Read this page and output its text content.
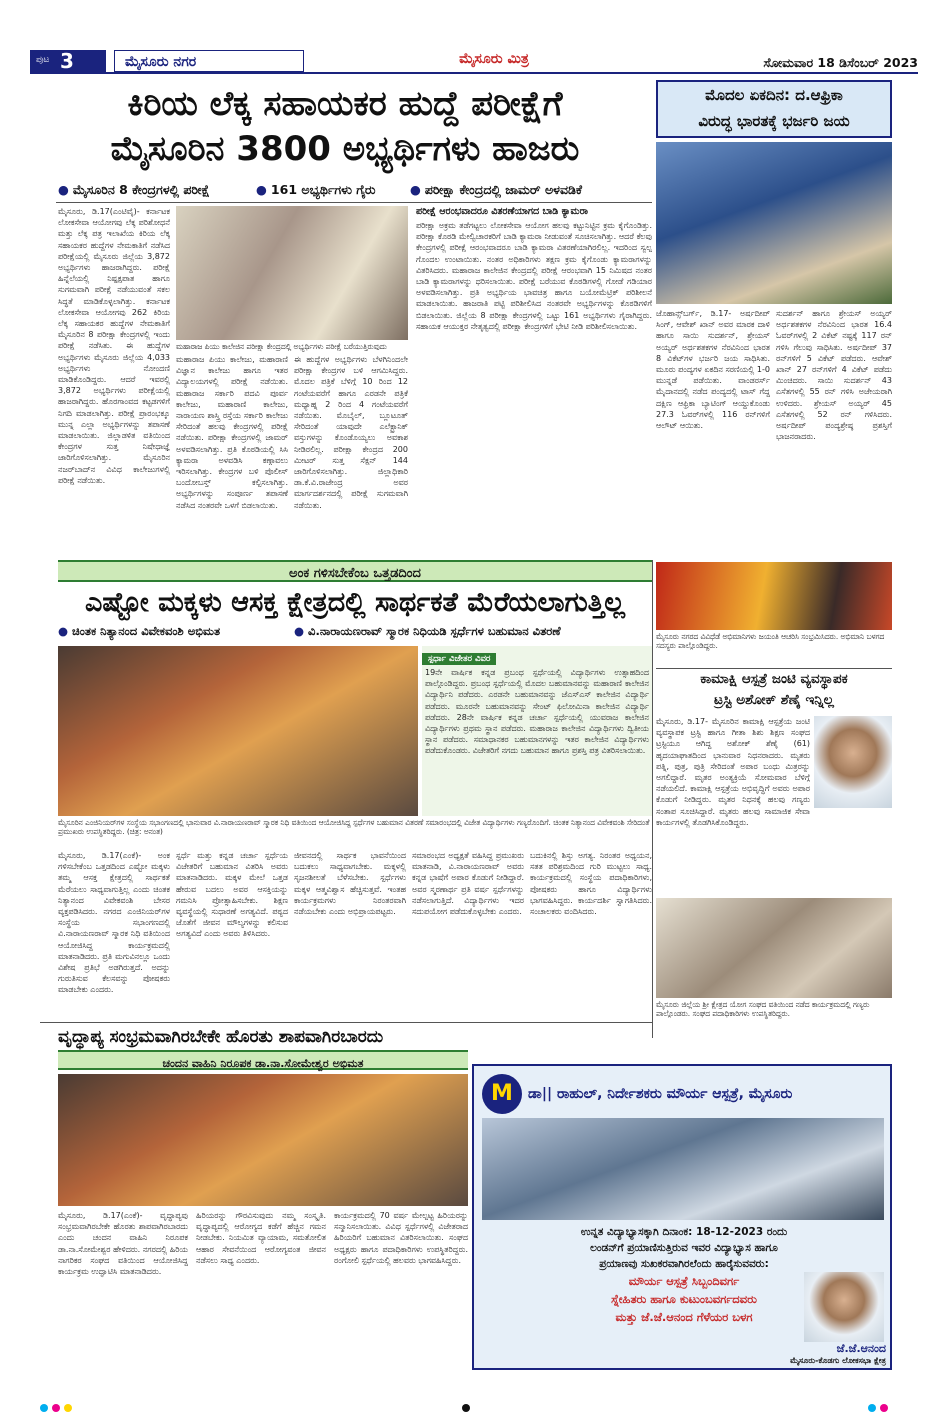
ಪುಟ 3	ಮೈಸೂರು ನಗರ	ಮೈಸೂರು ಮಿತ್ರ	ಸೋಮವಾರ 18 ಡಿಸೆಂಬರ್ 2023

ಕಿರಿಯ ಲೆಕ್ಕ ಸಹಾಯಕರ ಹುದ್ದೆ ಪರೀಕ್ಷೆಗೆ

ಮೈಸೂರಿನ 3800 ಅಭ್ಯರ್ಥಿಗಳು ಹಾಜರು

● ಮೈಸೂರಿನ 8 ಕೇಂದ್ರಗಳಲ್ಲಿ ಪರೀಕ್ಷೆ	● 161 ಅಭ್ಯರ್ಥಿಗಳು ಗೈರು	● ಪರೀಕ್ಷಾ ಕೇಂದ್ರದಲ್ಲಿ ಜಾಮರ್ ಅಳವಡಿಕೆ
ಮೈಸೂರು, ಡಿ.17(ಎಂಟಿವೈ)- ಕರ್ನಾಟಕ ಲೋಕಸೇವಾ ಆಯೋಗವು ಲೆಕ್ಕ ಪರಿಶೋಧನೆ ಮತ್ತು ಲೆಕ್ಕ ಪತ್ರ ಇಲಾಖೆಯ ಕಿರಿಯ ಲೆಕ್ಕ ಸಹಾಯಕರ ಹುದ್ದೆಗಳ ನೇಮಕಾತಿಗೆ ನಡೆಸಿದ ಪರೀಕ್ಷೆಯಲ್ಲಿ ಮೈಸೂರು ಜಿಲ್ಲೆಯ 3,872 ಅಭ್ಯರ್ಥಿಗಳು ಹಾಜರಾಗಿದ್ದರು. ಪರೀಕ್ಷೆ ಹಿನ್ನೆಲೆಯಲ್ಲಿ ನಿಷ್ಪಕ್ಷಪಾತ ಹಾಗೂ ಸುಗಮವಾಗಿ ಪರೀಕ್ಷೆ ನಡೆಯುವಂತೆ ಸಕಲ ಸಿದ್ಧತೆ ಮಾಡಿಕೊಳ್ಳಲಾಗಿತ್ತು. ಕರ್ನಾಟಕ ಲೋಕಸೇವಾ ಆಯೋಗವು 262 ಕಿರಿಯ ಲೆಕ್ಕ ಸಹಾಯಕರ ಹುದ್ದೆಗಳ ನೇಮಕಾತಿಗೆ ಮೈಸೂರಿನ 8 ಪರೀಕ್ಷಾ ಕೇಂದ್ರಗಳಲ್ಲಿ ಇಂದು ಪರೀಕ್ಷೆ ನಡೆಸಿತು. ಈ ಹುದ್ದೆಗಳ ಅಭ್ಯರ್ಥಿಗಳು ಮೈಸೂರು ಜಿಲ್ಲೆಯ 4,033 ಅಭ್ಯರ್ಥಿಗಳು ನೋಂದಣಿ ಮಾಡಿಕೊಂಡಿದ್ದರು. ಆದರೆ ಇವರಲ್ಲಿ 3,872 ಅಭ್ಯರ್ಥಿಗಳು ಪರೀಕ್ಷೆಯಲ್ಲಿ ಹಾಜರಾಗಿದ್ದರು. ಹೊರಗಾಂವದ ಕಟ್ಟಡಗಳಿಗೆ ನಿಗದಿ ಮಾಡಲಾಗಿತ್ತು. ಪರೀಕ್ಷೆ ಪ್ರಾರಂಭಕ್ಕೂ ಮುನ್ನ ಎಲ್ಲಾ ಅಭ್ಯರ್ಥಿಗಳನ್ನು ತಪಾಸಣೆ ಮಾಡಲಾಯಿತು. ಜಿಲ್ಲಾಡಳಿತ ವತಿಯಿಂದ ಕೇಂದ್ರಗಳ ಸುತ್ತ ನಿಷೇಧಾಜ್ಞೆ ಜಾರಿಗೊಳಿಸಲಾಗಿತ್ತು. ಮೈಸೂರಿನ ನಜರ್‌ಬಾದ್‌ನ ವಿವಿಧ ಕಾಲೇಜುಗಳಲ್ಲಿ ಪರೀಕ್ಷೆ ನಡೆಯಿತು.
ಮಹಾರಾಜ ಪಿಯು ಕಾಲೇಜಿನ ಪರೀಕ್ಷಾ ಕೇಂದ್ರದಲ್ಲಿ ಅಭ್ಯರ್ಥಿಗಳು ಪರೀಕ್ಷೆ ಬರೆಯುತ್ತಿರುವುದು
ಮಹಾರಾಜ ಪಿಯು ಕಾಲೇಜು, ಮಹಾರಾಣಿ ವಿಜ್ಞಾನ ಕಾಲೇಜು ಹಾಗೂ ಇತರ ವಿದ್ಯಾಲಯಗಳಲ್ಲಿ ಪರೀಕ್ಷೆ ನಡೆಯಿತು. ಮಹಾರಾಜ ಸರ್ಕಾರಿ ಪದವಿ ಪೂರ್ವ ಕಾಲೇಜು, ಮಹಾರಾಣಿ ಕಾಲೇಜು, ನಾರಾಯಣ ಶಾಸ್ತ್ರಿ ರಸ್ತೆಯ ಸರ್ಕಾರಿ ಕಾಲೇಜು ಸೇರಿದಂತೆ ಹಲವು ಕೇಂದ್ರಗಳಲ್ಲಿ ಪರೀಕ್ಷೆ ನಡೆಯಿತು. ಪರೀಕ್ಷಾ ಕೇಂದ್ರಗಳಲ್ಲಿ ಜಾಮರ್ ಅಳವಡಿಸಲಾಗಿತ್ತು. ಪ್ರತಿ ಕೊಠಡಿಯಲ್ಲಿ ಸಿಸಿ ಕ್ಯಾಮರಾ ಅಳವಡಿಸಿ ಕಣ್ಗಾವಲು ಇರಿಸಲಾಗಿತ್ತು. ಕೇಂದ್ರಗಳ ಬಳಿ ಪೊಲೀಸ್ ಬಂದೋಬಸ್ತ್ ಕಲ್ಪಿಸಲಾಗಿತ್ತು. ಅಭ್ಯರ್ಥಿಗಳನ್ನು ಸಂಪೂರ್ಣ ತಪಾಸಣೆ ನಡೆಸಿದ ನಂತರವೇ ಒಳಗೆ ಬಿಡಲಾಯಿತು.
ಈ ಹುದ್ದೆಗಳ ಅಭ್ಯರ್ಥಿಗಳು ಬೆಳಗಿನಿಂದಲೇ ಪರೀಕ್ಷಾ ಕೇಂದ್ರಗಳ ಬಳಿ ಆಗಮಿಸಿದ್ದರು. ಮೊದಲ ಪತ್ರಿಕೆ ಬೆಳಿಗ್ಗೆ 10 ರಿಂದ 12 ಗಂಟೆಯವರೆಗೆ ಹಾಗೂ ಎರಡನೇ ಪತ್ರಿಕೆ ಮಧ್ಯಾಹ್ನ 2 ರಿಂದ 4 ಗಂಟೆಯವರೆಗೆ ನಡೆಯಿತು. ಮೊಬೈಲ್, ಬ್ಲೂಟೂತ್ ಸೇರಿದಂತೆ ಯಾವುದೇ ಎಲೆಕ್ಟ್ರಾನಿಕ್ ವಸ್ತುಗಳನ್ನು ಕೊಂಡೊಯ್ಯಲು ಅವಕಾಶ ನೀಡಿರಲಿಲ್ಲ. ಪರೀಕ್ಷಾ ಕೇಂದ್ರದ 200 ಮೀಟರ್ ಸುತ್ತ ಸೆಕ್ಷನ್ 144 ಜಾರಿಗೊಳಿಸಲಾಗಿತ್ತು. ಜಿಲ್ಲಾಧಿಕಾರಿ ಡಾ.ಕೆ.ವಿ.ರಾಜೇಂದ್ರ ಅವರ ಮಾರ್ಗದರ್ಶನದಲ್ಲಿ ಪರೀಕ್ಷೆ ಸುಗಮವಾಗಿ ನಡೆಯಿತು.
ಪರೀಕ್ಷೆ ಆರಂಭವಾದರೂ ವಿತರಣೆಯಾಗದ ಬಾಡಿ ಕ್ಯಾಮರಾ
ಪರೀಕ್ಷಾ ಅಕ್ರಮ ತಡೆಗಟ್ಟಲು ಲೋಕಸೇವಾ ಆಯೋಗ ಹಲವು ಕಟ್ಟುನಿಟ್ಟಿನ ಕ್ರಮ ಕೈಗೊಂಡಿತ್ತು. ಪರೀಕ್ಷಾ ಕೊಠಡಿ ಮೇಲ್ವಿಚಾರಕರಿಗೆ ಬಾಡಿ ಕ್ಯಾಮರಾ ನೀಡುವಂತೆ ಸೂಚಿಸಲಾಗಿತ್ತು. ಆದರೆ ಕೆಲವು ಕೇಂದ್ರಗಳಲ್ಲಿ ಪರೀಕ್ಷೆ ಆರಂಭವಾದರೂ ಬಾಡಿ ಕ್ಯಾಮರಾ ವಿತರಣೆಯಾಗಿರಲಿಲ್ಲ. ಇದರಿಂದ ಸ್ವಲ್ಪ ಗೊಂದಲ ಉಂಟಾಯಿತು. ನಂತರ ಅಧಿಕಾರಿಗಳು ತಕ್ಷಣ ಕ್ರಮ ಕೈಗೊಂಡು ಕ್ಯಾಮರಾಗಳನ್ನು ವಿತರಿಸಿದರು. ಮಹಾರಾಜ ಕಾಲೇಜಿನ ಕೇಂದ್ರದಲ್ಲಿ ಪರೀಕ್ಷೆ ಆರಂಭವಾಗಿ 15 ನಿಮಿಷದ ನಂತರ ಬಾಡಿ ಕ್ಯಾಮರಾಗಳನ್ನು ಧರಿಸಲಾಯಿತು. ಪರೀಕ್ಷೆ ಬರೆಯುವ ಕೊಠಡಿಗಳಲ್ಲಿ ಗೋಡೆ ಗಡಿಯಾರ ಅಳವಡಿಸಲಾಗಿತ್ತು. ಪ್ರತಿ ಅಭ್ಯರ್ಥಿಯ ಭಾವಚಿತ್ರ ಹಾಗೂ ಬಯೋಮೆಟ್ರಿಕ್ ಪರಿಶೀಲನೆ ಮಾಡಲಾಯಿತು. ಹಾಜರಾತಿ ಪಟ್ಟಿ ಪರಿಶೀಲಿಸಿದ ನಂತರವೇ ಅಭ್ಯರ್ಥಿಗಳನ್ನು ಕೊಠಡಿಗಳಿಗೆ ಬಿಡಲಾಯಿತು. ಜಿಲ್ಲೆಯ 8 ಪರೀಕ್ಷಾ ಕೇಂದ್ರಗಳಲ್ಲಿ ಒಟ್ಟು 161 ಅಭ್ಯರ್ಥಿಗಳು ಗೈರಾಗಿದ್ದರು. ಸಹಾಯಕ ಆಯುಕ್ತರ ನೇತೃತ್ವದಲ್ಲಿ ಪರೀಕ್ಷಾ ಕೇಂದ್ರಗಳಿಗೆ ಭೇಟಿ ನೀಡಿ ಪರಿಶೀಲಿಸಲಾಯಿತು.
ಮೊದಲ ಏಕದಿನ: ದ.ಆಫ್ರಿಕಾ
ವಿರುದ್ಧ ಭಾರತಕ್ಕೆ ಭರ್ಜರಿ ಜಯ
ಜೊಹಾನ್ಸ್‌ಬರ್ಗ್, ಡಿ.17- ಅರ್ಷದೀಪ್ ಸಿಂಗ್, ಆವೇಶ್ ಖಾನ್ ಅವರ ಮಾರಕ ದಾಳಿ ಹಾಗೂ ಸಾಯಿ ಸುದರ್ಶನ್, ಶ್ರೇಯಸ್ ಅಯ್ಯರ್ ಅರ್ಧಶತಕಗಳ ನೆರವಿನಿಂದ ಭಾರತ 8 ವಿಕೆಟ್‌ಗಳ ಭರ್ಜರಿ ಜಯ ಸಾಧಿಸಿತು. ಮೂರು ಪಂದ್ಯಗಳ ಏಕದಿನ ಸರಣಿಯಲ್ಲಿ 1-0 ಮುನ್ನಡೆ ಪಡೆಯಿತು. ವಾಂಡರರ್ಸ್ ಮೈದಾನದಲ್ಲಿ ನಡೆದ ಪಂದ್ಯದಲ್ಲಿ ಟಾಸ್ ಗೆದ್ದ ದಕ್ಷಿಣ ಆಫ್ರಿಕಾ ಬ್ಯಾಟಿಂಗ್ ಆಯ್ದುಕೊಂಡು 27.3 ಓವರ್‌ಗಳಲ್ಲಿ 116 ರನ್‌ಗಳಿಗೆ ಆಲೌಟ್ ಆಯಿತು.
ಸುದರ್ಶನ್ ಹಾಗೂ ಶ್ರೇಯಸ್ ಅಯ್ಯರ್ ಅರ್ಧಶತಕಗಳ ನೆರವಿನಿಂದ ಭಾರತ 16.4 ಓವರ್‌ಗಳಲ್ಲಿ 2 ವಿಕೆಟ್ ನಷ್ಟಕ್ಕೆ 117 ರನ್ ಗಳಿಸಿ ಗೆಲುವು ಸಾಧಿಸಿತು. ಅರ್ಷದೀಪ್ 37 ರನ್‌ಗಳಿಗೆ 5 ವಿಕೆಟ್ ಪಡೆದರು. ಆವೇಶ್ ಖಾನ್ 27 ರನ್‌ಗಳಿಗೆ 4 ವಿಕೆಟ್ ಪಡೆದು ಮಿಂಚಿದರು. ಸಾಯಿ ಸುದರ್ಶನ್ 43 ಎಸೆತಗಳಲ್ಲಿ 55 ರನ್ ಗಳಿಸಿ ಅಜೇಯರಾಗಿ ಉಳಿದರು. ಶ್ರೇಯಸ್ ಅಯ್ಯರ್ 45 ಎಸೆತಗಳಲ್ಲಿ 52 ರನ್ ಗಳಿಸಿದರು. ಅರ್ಷದೀಪ್ ಪಂದ್ಯಶ್ರೇಷ್ಠ ಪ್ರಶಸ್ತಿಗೆ ಭಾಜನರಾದರು.
ಮೈಸೂರು ನಗರದ ವಿವಿಧೆಡೆ ಅಭಿಮಾನಿಗಳು ಜಯಂತಿ ಆಚರಿಸಿ ಸಂಭ್ರಮಿಸಿದರು. ಅಭಿಮಾನಿ ಬಳಗದ ಸದಸ್ಯರು ಪಾಲ್ಗೊಂಡಿದ್ದರು.
ಕಾಮಾಕ್ಷಿ ಆಸ್ಪತ್ರೆ ಜಂಟಿ ವ್ಯವಸ್ಥಾಪಕ
ಟ್ರಸ್ಟಿ ಅಶೋಕ್ ಶೆಣೈ ಇನ್ನಿಲ್ಲ
ಮೈಸೂರು, ಡಿ.17- ಮೈಸೂರಿನ ಕಾಮಾಕ್ಷಿ ಆಸ್ಪತ್ರೆಯ ಜಂಟಿ ವ್ಯವಸ್ಥಾಪಕ ಟ್ರಸ್ಟಿ ಹಾಗೂ ಗೀತಾ ಶಿಶು ಶಿಕ್ಷಣ ಸಂಘದ ಟ್ರಸ್ಟಿಯೂ ಆಗಿದ್ದ ಅಶೋಕ್ ಶೆಣೈ (61) ಹೃದಯಾಘಾತದಿಂದ ಭಾನುವಾರ ನಿಧನರಾದರು. ಮೃತರು ಪತ್ನಿ, ಪುತ್ರ, ಪುತ್ರಿ ಸೇರಿದಂತೆ ಅಪಾರ ಬಂಧು ಮಿತ್ರರನ್ನು ಅಗಲಿದ್ದಾರೆ. ಮೃತರ ಅಂತ್ಯಕ್ರಿಯೆ ಸೋಮವಾರ ಬೆಳಿಗ್ಗೆ ನಡೆಯಲಿದೆ. ಕಾಮಾಕ್ಷಿ ಆಸ್ಪತ್ರೆಯ ಅಭಿವೃದ್ಧಿಗೆ ಅವರು ಅಪಾರ ಕೊಡುಗೆ ನೀಡಿದ್ದರು. ಮೃತರ ನಿಧನಕ್ಕೆ ಹಲವು ಗಣ್ಯರು ಸಂತಾಪ ಸೂಚಿಸಿದ್ದಾರೆ. ಮೃತರು ಹಲವು ಸಾಮಾಜಿಕ ಸೇವಾ ಕಾರ್ಯಗಳಲ್ಲಿ ತೊಡಗಿಸಿಕೊಂಡಿದ್ದರು.
ಮೈಸೂರು ಜಿಲ್ಲೆಯ ಶ್ರೀ ಕ್ಷೇತ್ರದ ಯೋಗ ಸಂಘದ ವತಿಯಿಂದ ನಡೆದ ಕಾರ್ಯಕ್ರಮದಲ್ಲಿ ಗಣ್ಯರು ಪಾಲ್ಗೊಂಡರು. ಸಂಘದ ಪದಾಧಿಕಾರಿಗಳು ಉಪಸ್ಥಿತರಿದ್ದರು.
ಅಂಕ ಗಳಿಸಬೇಕೆಂಬ ಒತ್ತಡದಿಂದ
ಎಷ್ಟೋ ಮಕ್ಕಳು ಆಸಕ್ತ ಕ್ಷೇತ್ರದಲ್ಲಿ ಸಾರ್ಥಕತೆ ಮೆರೆಯಲಾಗುತ್ತಿಲ್ಲ
● ಚಿಂತಕ ನಿತ್ಯಾನಂದ ವಿವೇಕವಂಶಿ ಅಭಿಮತ	● ವಿ.ನಾರಾಯಣರಾವ್ ಸ್ಮಾರಕ ನಿಧಿಯಡಿ ಸ್ಪರ್ಧೆಗಳ ಬಹುಮಾನ ವಿತರಣೆ
ಮೈಸೂರಿನ ಎಂಜಿನಿಯರ್‌ಗಳ ಸಂಸ್ಥೆಯ ಸಭಾಂಗಣದಲ್ಲಿ ಭಾನುವಾರ ವಿ.ನಾರಾಯಣರಾವ್ ಸ್ಮಾರಕ ನಿಧಿ ವತಿಯಿಂದ ಆಯೋಜಿಸಿದ್ದ ಸ್ಪರ್ಧೆಗಳ ಬಹುಮಾನ ವಿತರಣೆ ಸಮಾರಂಭದಲ್ಲಿ ವಿಜೇತ ವಿದ್ಯಾರ್ಥಿಗಳು ಗಣ್ಯರೊಂದಿಗೆ. ಚಿಂತಕ ನಿತ್ಯಾನಂದ ವಿವೇಕವಂಶಿ ಸೇರಿದಂತೆ ಪ್ರಮುಖರು ಉಪಸ್ಥಿತರಿದ್ದರು. (ಚಿತ್ರ: ಅನಂತ)
ಸ್ಪರ್ಧಾ ವಿಜೇತರ ವಿವರ
19ನೇ ವಾರ್ಷಿಕ ಕನ್ನಡ ಪ್ರಬಂಧ ಸ್ಪರ್ಧೆಯಲ್ಲಿ ವಿದ್ಯಾರ್ಥಿಗಳು ಉತ್ಸಾಹದಿಂದ ಪಾಲ್ಗೊಂಡಿದ್ದರು. ಪ್ರಬಂಧ ಸ್ಪರ್ಧೆಯಲ್ಲಿ ಮೊದಲ ಬಹುಮಾನವನ್ನು ಮಹಾರಾಣಿ ಕಾಲೇಜಿನ ವಿದ್ಯಾರ್ಥಿನಿ ಪಡೆದರು. ಎರಡನೇ ಬಹುಮಾನವನ್ನು ಜೆಎಸ್‌ಎಸ್ ಕಾಲೇಜಿನ ವಿದ್ಯಾರ್ಥಿ ಪಡೆದರು. ಮೂರನೇ ಬಹುಮಾನವನ್ನು ಸೇಂಟ್ ಫಿಲೋಮಿನಾ ಕಾಲೇಜಿನ ವಿದ್ಯಾರ್ಥಿ ಪಡೆದರು. 28ನೇ ವಾರ್ಷಿಕ ಕನ್ನಡ ಚರ್ಚಾ ಸ್ಪರ್ಧೆಯಲ್ಲಿ ಯುವರಾಜ ಕಾಲೇಜಿನ ವಿದ್ಯಾರ್ಥಿಗಳು ಪ್ರಥಮ ಸ್ಥಾನ ಪಡೆದರು. ಮಹಾರಾಜ ಕಾಲೇಜಿನ ವಿದ್ಯಾರ್ಥಿಗಳು ದ್ವಿತೀಯ ಸ್ಥಾನ ಪಡೆದರು. ಸಮಾಧಾನಕರ ಬಹುಮಾನಗಳನ್ನು ಇತರ ಕಾಲೇಜಿನ ವಿದ್ಯಾರ್ಥಿಗಳು ಪಡೆದುಕೊಂಡರು. ವಿಜೇತರಿಗೆ ನಗದು ಬಹುಮಾನ ಹಾಗೂ ಪ್ರಶಸ್ತಿ ಪತ್ರ ವಿತರಿಸಲಾಯಿತು.
ಮೈಸೂರು, ಡಿ.17(ಎಂಕೆ)- ಅಂಕ ಗಳಿಸಬೇಕೆಂಬ ಒತ್ತಡದಿಂದ ಎಷ್ಟೋ ಮಕ್ಕಳು ತಮ್ಮ ಆಸಕ್ತ ಕ್ಷೇತ್ರದಲ್ಲಿ ಸಾರ್ಥಕತೆ ಮೆರೆಯಲು ಸಾಧ್ಯವಾಗುತ್ತಿಲ್ಲ ಎಂದು ಚಿಂತಕ ನಿತ್ಯಾನಂದ ವಿವೇಕವಂಶಿ ಬೇಸರ ವ್ಯಕ್ತಪಡಿಸಿದರು. ನಗರದ ಎಂಜಿನಿಯರ್‌ಗಳ ಸಂಸ್ಥೆಯ ಸಭಾಂಗಣದಲ್ಲಿ ವಿ.ನಾರಾಯಣರಾವ್ ಸ್ಮಾರಕ ನಿಧಿ ವತಿಯಿಂದ ಆಯೋಜಿಸಿದ್ದ ಕಾರ್ಯಕ್ರಮದಲ್ಲಿ ಮಾತನಾಡಿದರು. ಪ್ರತಿ ಮಗುವಿನಲ್ಲೂ ಒಂದು ವಿಶೇಷ ಪ್ರತಿಭೆ ಅಡಗಿರುತ್ತದೆ. ಅದನ್ನು ಗುರುತಿಸುವ ಕೆಲಸವನ್ನು ಪೋಷಕರು ಮಾಡಬೇಕು ಎಂದರು.
ಸ್ಪರ್ಧೆ ಮತ್ತು ಕನ್ನಡ ಚರ್ಚಾ ಸ್ಪರ್ಧೆಯ ವಿಜೇತರಿಗೆ ಬಹುಮಾನ ವಿತರಿಸಿ ಅವರು ಮಾತನಾಡಿದರು. ಮಕ್ಕಳ ಮೇಲೆ ಒತ್ತಡ ಹೇರುವ ಬದಲು ಅವರ ಆಸಕ್ತಿಯನ್ನು ಗಮನಿಸಿ ಪ್ರೋತ್ಸಾಹಿಸಬೇಕು. ಶಿಕ್ಷಣ ವ್ಯವಸ್ಥೆಯಲ್ಲಿ ಸುಧಾರಣೆ ಅಗತ್ಯವಿದೆ. ಪಠ್ಯದ ಜೊತೆಗೆ ಜೀವನ ಮೌಲ್ಯಗಳನ್ನು ಕಲಿಸುವ ಅಗತ್ಯವಿದೆ ಎಂದು ಅವರು ತಿಳಿಸಿದರು.
ಜೀವನದಲ್ಲಿ ಸಾರ್ಥಕ ಭಾವನೆಯಿಂದ ಬದುಕಲು ಸಾಧ್ಯವಾಗಬೇಕು. ಮಕ್ಕಳಲ್ಲಿ ಸೃಜನಶೀಲತೆ ಬೆಳೆಸಬೇಕು. ಸ್ಪರ್ಧೆಗಳು ಮಕ್ಕಳ ಆತ್ಮವಿಶ್ವಾಸ ಹೆಚ್ಚಿಸುತ್ತವೆ. ಇಂತಹ ಕಾರ್ಯಕ್ರಮಗಳು ನಿರಂತರವಾಗಿ ನಡೆಯಬೇಕು ಎಂದು ಅಭಿಪ್ರಾಯಪಟ್ಟರು.
ಸಮಾರಂಭದ ಅಧ್ಯಕ್ಷತೆ ವಹಿಸಿದ್ದ ಪ್ರಮುಖರು ಮಾತನಾಡಿ, ವಿ.ನಾರಾಯಣರಾವ್ ಅವರು ಕನ್ನಡ ಭಾಷೆಗೆ ಅಪಾರ ಕೊಡುಗೆ ನೀಡಿದ್ದಾರೆ. ಅವರ ಸ್ಮರಣಾರ್ಥ ಪ್ರತಿ ವರ್ಷ ಸ್ಪರ್ಧೆಗಳನ್ನು ನಡೆಸಲಾಗುತ್ತಿದೆ. ವಿದ್ಯಾರ್ಥಿಗಳು ಇದರ ಸದುಪಯೋಗ ಪಡೆದುಕೊಳ್ಳಬೇಕು ಎಂದರು.
ಬದುಕಿನಲ್ಲಿ ಶಿಸ್ತು ಅಗತ್ಯ. ನಿರಂತರ ಅಧ್ಯಯನ, ಸತತ ಪರಿಶ್ರಮದಿಂದ ಗುರಿ ಮುಟ್ಟಲು ಸಾಧ್ಯ. ಕಾರ್ಯಕ್ರಮದಲ್ಲಿ ಸಂಸ್ಥೆಯ ಪದಾಧಿಕಾರಿಗಳು, ಪೋಷಕರು ಹಾಗೂ ವಿದ್ಯಾರ್ಥಿಗಳು ಭಾಗವಹಿಸಿದ್ದರು. ಕಾರ್ಯದರ್ಶಿ ಸ್ವಾಗತಿಸಿದರು. ಸಂಚಾಲಕರು ವಂದಿಸಿದರು.
ವೃದ್ಧಾಪ್ಯ ಸಂಭ್ರಮವಾಗಿರಬೇಕೇ ಹೊರತು ಶಾಪವಾಗಿರಬಾರದು
ಚಂದನ ವಾಹಿನಿ ನಿರೂಪಕ ಡಾ.ನಾ.ಸೋಮೇಶ್ವರ ಅಭಿಮತ
ಮೈಸೂರು, ಡಿ.17(ಎಂಕೆ)- ವೃದ್ಧಾಪ್ಯವು ಸಂಭ್ರಮವಾಗಿರಬೇಕೇ ಹೊರತು ಶಾಪವಾಗಿರಬಾರದು ಎಂದು ಚಂದನ ವಾಹಿನಿ ನಿರೂಪಕ ಡಾ.ನಾ.ಸೋಮೇಶ್ವರ ಹೇಳಿದರು. ನಗರದಲ್ಲಿ ಹಿರಿಯ ನಾಗರಿಕರ ಸಂಘದ ವತಿಯಿಂದ ಆಯೋಜಿಸಿದ್ದ ಕಾರ್ಯಕ್ರಮ ಉದ್ಘಾಟಿಸಿ ಮಾತನಾಡಿದರು.
ಹಿರಿಯರನ್ನು ಗೌರವಿಸುವುದು ನಮ್ಮ ಸಂಸ್ಕೃತಿ. ವೃದ್ಧಾಪ್ಯದಲ್ಲಿ ಆರೋಗ್ಯದ ಕಡೆಗೆ ಹೆಚ್ಚಿನ ಗಮನ ನೀಡಬೇಕು. ನಿಯಮಿತ ವ್ಯಾಯಾಮ, ಸಮತೋಲಿತ ಆಹಾರ ಸೇವನೆಯಿಂದ ಆರೋಗ್ಯವಂತ ಜೀವನ ನಡೆಸಲು ಸಾಧ್ಯ ಎಂದರು.
ಕಾರ್ಯಕ್ರಮದಲ್ಲಿ 70 ವರ್ಷ ಮೇಲ್ಪಟ್ಟ ಹಿರಿಯರನ್ನು ಸನ್ಮಾನಿಸಲಾಯಿತು. ವಿವಿಧ ಸ್ಪರ್ಧೆಗಳಲ್ಲಿ ವಿಜೇತರಾದ ಹಿರಿಯರಿಗೆ ಬಹುಮಾನ ವಿತರಿಸಲಾಯಿತು. ಸಂಘದ ಅಧ್ಯಕ್ಷರು ಹಾಗೂ ಪದಾಧಿಕಾರಿಗಳು ಉಪಸ್ಥಿತರಿದ್ದರು. ರಂಗೋಲಿ ಸ್ಪರ್ಧೆಯಲ್ಲಿ ಹಲವರು ಭಾಗವಹಿಸಿದ್ದರು.
M	ಡಾ|| ರಾಹುಲ್, ನಿರ್ದೇಶಕರು ಮೌರ್ಯ ಆಸ್ಪತ್ರೆ, ಮೈಸೂರು
ಉನ್ನತ ವಿದ್ಯಾಭ್ಯಾಸಕ್ಕಾಗಿ ದಿನಾಂಕ: 18-12-2023 ರಂದು
ಲಂಡನ್‌ಗೆ ಪ್ರಯಾಣಿಸುತ್ತಿರುವ ಇವರ ವಿದ್ಯಾಭ್ಯಾಸ ಹಾಗೂ
ಪ್ರಯಾಣವು ಸುಖಕರವಾಗಿರಲೆಂದು ಹಾರೈಸುವವರು:
ಮೌರ್ಯ ಆಸ್ಪತ್ರೆ ಸಿಬ್ಬಂದಿವರ್ಗ
ಸ್ನೇಹಿತರು ಹಾಗೂ ಕುಟುಂಬವರ್ಗದವರು
ಮತ್ತು ಜೆ.ಜೆ.ಆನಂದ ಗೆಳೆಯರ ಬಳಗ
ಜೆ.ಜೆ.ಆನಂದ
ಮೈಸೂರು-ಕೊಡಗು ಲೋಕಸಭಾ ಕ್ಷೇತ್ರ
